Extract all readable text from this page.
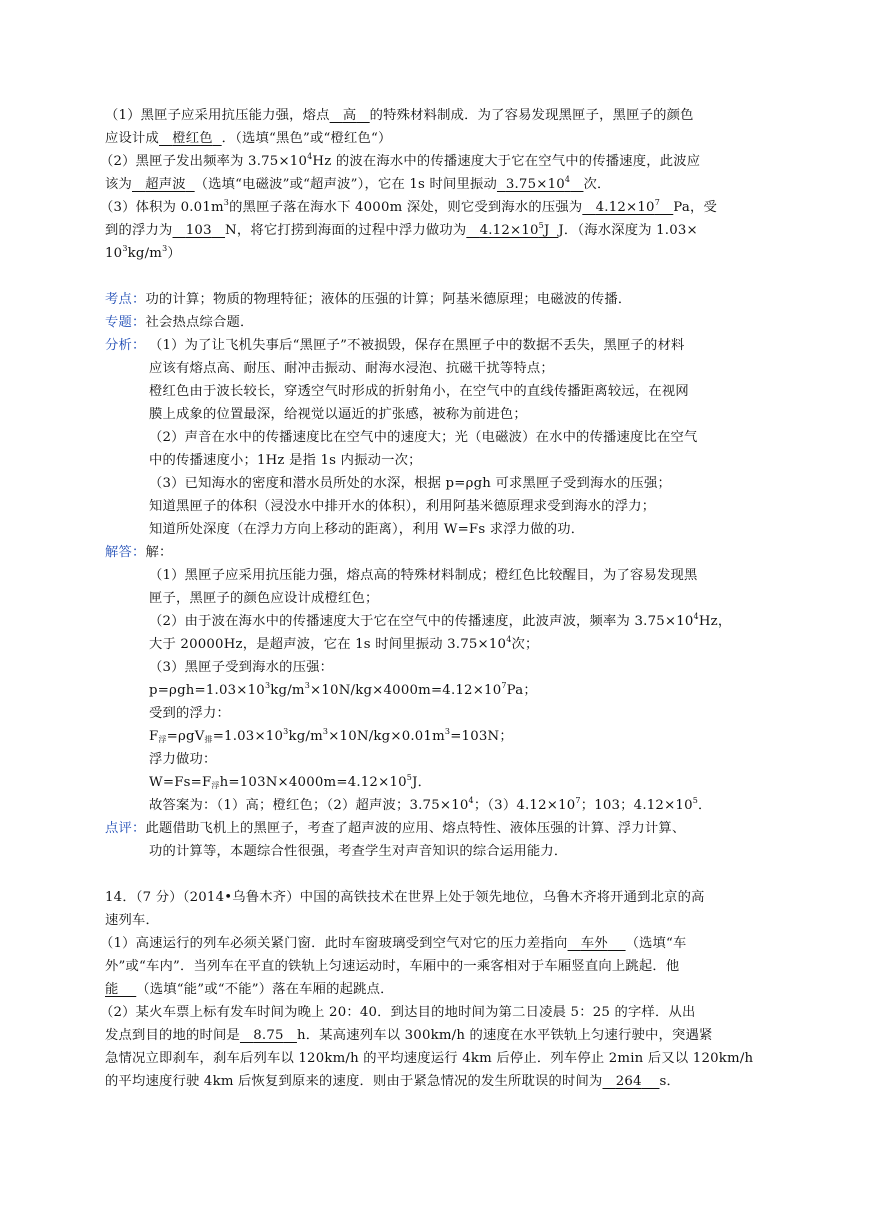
（1）黑匣子应采用抗压能力强，熔点 高 的特殊材料制成．为了容易发现黑匣子，黑匣子的颜色
应设计成 橙红色 ．（选填“黑色”或“橙红色“）
（2）黑匣子发出频率为 $3.75\times 10^4Hz$ 的波在海水中的传播速度大于它在空气中的传播速度，此波应
该为 超声波 （选填“电磁波”或“超声波”），它在 1s 时间里振动 $3.75\times 10^4$ 次．
（3）体积为 $0.01m^3$的黑匣子落在海水下 4000m 深处，则它受到海水的压强为 $4.12\times 10^7$ Pa，受
到的浮力为 103 N，将它打捞到海面的过程中浮力做功为 $4.12\times 10^5J$ J．（海水深度为 1.03×
$10^3kg/m^3$）
考点：功的计算；物质的物理特征；液体的压强的计算；阿基米德原理；电磁波的传播．
专题：社会热点综合题．
分析： （1）为了让飞机失事后“黑匣子”不被损毁，保存在黑匣子中的数据不丢失，黑匣子的材料
应该有熔点高、耐压、耐冲击振动、耐海水浸泡、抗磁干扰等特点；
橙红色由于波长较长，穿透空气时形成的折射角小，在空气中的直线传播距离较远，在视网
膜上成象的位置最深，给视觉以逼近的扩张感，被称为前进色；
（2）声音在水中的传播速度比在空气中的速度大；光（电磁波）在水中的传播速度比在空气
中的传播速度小；1Hz 是指 1s 内振动一次；
（3）已知海水的密度和潜水员所处的水深，根据 p=ρgh 可求黑匣子受到海水的压强；
知道黑匣子的体积（浸没水中排开水的体积），利用阿基米德原理求受到海水的浮力；
知道所处深度（在浮力方向上移动的距离），利用 W=Fs 求浮力做的功．
解答：解：
（1）黑匣子应采用抗压能力强，熔点高的特殊材料制成；橙红色比较醒目，为了容易发现黑
匣子，黑匣子的颜色应设计成橙红色；
（2）由于波在海水中的传播速度大于它在空气中的传播速度，此波声波，频率为 $3.75\times 10^4Hz$，
大于 20000Hz，是超声波，它在 1s 时间里振动 $3.75\times 10^4$次；
（3）黑匣子受到海水的压强：
$p=\rho gh=1.03\times 10^3kg/m^3\times 10N/kg\times 4000m=4.12\times 10^7Pa$；
受到的浮力：
$F_浮=\rho gV_排=1.03\times 10^3kg/m^3\times 10N/kg\times 0.01m^3=103N$；
浮力做功：
$W=Fs=F_浮h=103N\times 4000m=4.12\times 10^5J$．
故答案为：（1）高；橙红色；（2）超声波；$3.75\times 10^4$；$(3)4.12\times 10^7$；103；$4.12\times 10^5$．
点评：此题借助飞机上的黑匣子，考查了超声波的应用、熔点特性、液体压强的计算、浮力计算、
功的计算等，本题综合性很强，考查学生对声音知识的综合运用能力．
14．（7 分）（2014•乌鲁木齐）中国的高铁技术在世界上处于领先地位，乌鲁木齐将开通到北京的高
速列车．
（1）高速运行的列车必须关紧门窗．此时车窗玻璃受到空气对它的压力差指向 车外 （选填“车
外”或“车内”．当列车在平直的铁轨上匀速运动时，车厢中的一乘客相对于车厢竖直向上跳起．他
能 （选填“能”或“不能”）落在车厢的起跳点．
（2）某火车票上标有发车时间为晚上 20：40．到达目的地时间为第二日凌晨 5：25 的字样．从出
发点到目的地的时间是 8.75 h．某高速列车以 300km/h 的速度在水平铁轨上匀速行驶中，突遇紧
急情况立即刹车，刹车后列车以 120km/h 的平均速度运行 4km 后停止．列车停止 2min 后又以 120km/h
的平均速度行驶 4km 后恢复到原来的速度．则由于紧急情况的发生所耽误的时间为 264 s．
